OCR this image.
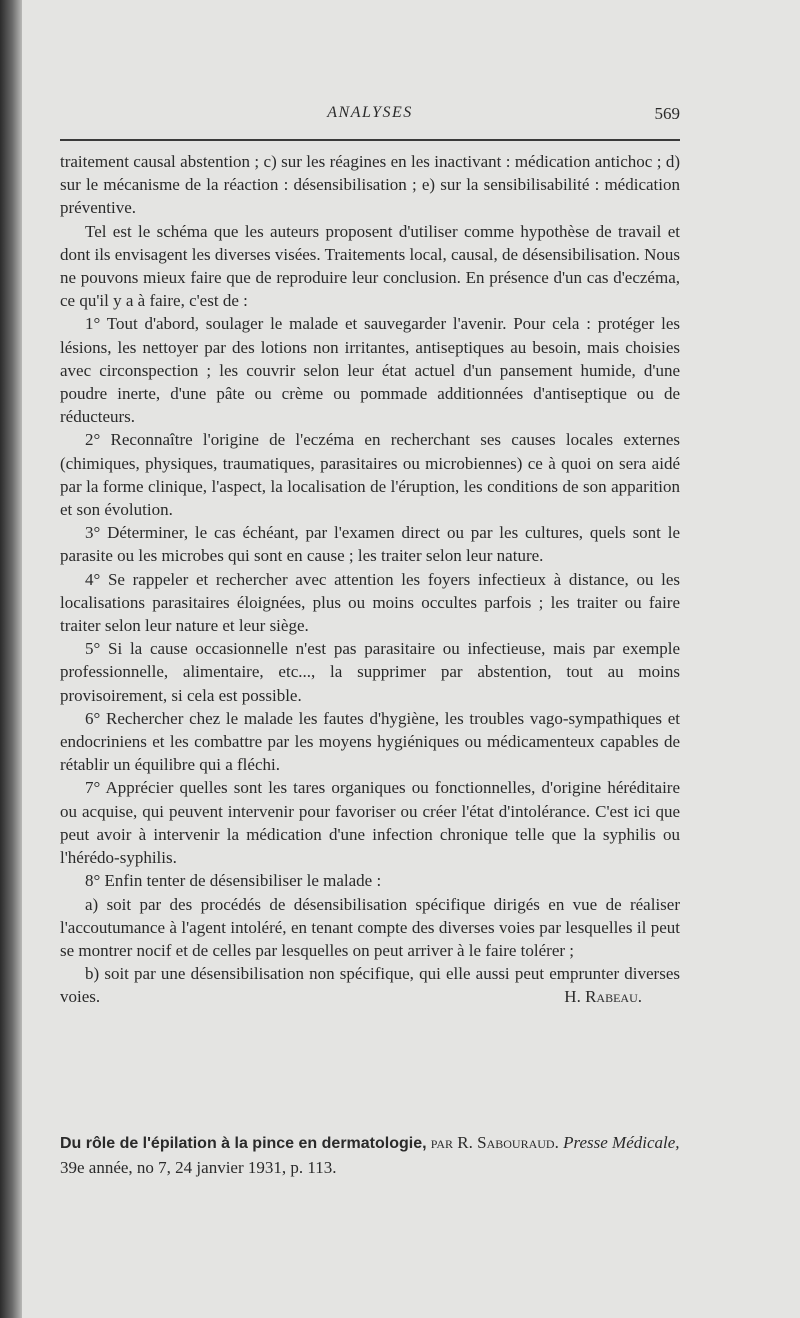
ANALYSES	569

traitement causal abstention ; c) sur les réagines en les inactivant : médication antichoc ; d) sur le mécanisme de la réaction : désensibilisation ; e) sur la sensibilisabilité : médication préventive.

Tel est le schéma que les auteurs proposent d'utiliser comme hypothèse de travail et dont ils envisagent les diverses visées. Traitements local, causal, de désensibilisation. Nous ne pouvons mieux faire que de reproduire leur conclusion. En présence d'un cas d'eczéma, ce qu'il y a à faire, c'est de :

1° Tout d'abord, soulager le malade et sauvegarder l'avenir. Pour cela : protéger les lésions, les nettoyer par des lotions non irritantes, antiseptiques au besoin, mais choisies avec circonspection ; les couvrir selon leur état actuel d'un pansement humide, d'une poudre inerte, d'une pâte ou crème ou pommade additionnées d'antiseptique ou de réducteurs.

2° Reconnaître l'origine de l'eczéma en recherchant ses causes locales externes (chimiques, physiques, traumatiques, parasitaires ou microbiennes) ce à quoi on sera aidé par la forme clinique, l'aspect, la localisation de l'éruption, les conditions de son apparition et son évolution.

3° Déterminer, le cas échéant, par l'examen direct ou par les cultures, quels sont le parasite ou les microbes qui sont en cause ; les traiter selon leur nature.

4° Se rappeler et rechercher avec attention les foyers infectieux à distance, ou les localisations parasitaires éloignées, plus ou moins occultes parfois ; les traiter ou faire traiter selon leur nature et leur siège.

5° Si la cause occasionnelle n'est pas parasitaire ou infectieuse, mais par exemple professionnelle, alimentaire, etc..., la supprimer par abstention, tout au moins provisoirement, si cela est possible.

6° Rechercher chez le malade les fautes d'hygiène, les troubles vago-sympathiques et endocriniens et les combattre par les moyens hygiéniques ou médicamenteux capables de rétablir un équilibre qui a fléchi.

7° Apprécier quelles sont les tares organiques ou fonctionnelles, d'origine héréditaire ou acquise, qui peuvent intervenir pour favoriser ou créer l'état d'intolérance. C'est ici que peut avoir à intervenir la médication d'une infection chronique telle que la syphilis ou l'hérédo-syphilis.

8° Enfin tenter de désensibiliser le malade :

a) soit par des procédés de désensibilisation spécifique dirigés en vue de réaliser l'accoutumance à l'agent intoléré, en tenant compte des diverses voies par lesquelles il peut se montrer nocif et de celles par lesquelles on peut arriver à le faire tolérer ;

b) soit par une désensibilisation non spécifique, qui elle aussi peut emprunter diverses voies.	H. Rabeau.

Du rôle de l'épilation à la pince en dermatologie, par R. Sabouraud. Presse Médicale, 39e année, no 7, 24 janvier 1931, p. 113.
